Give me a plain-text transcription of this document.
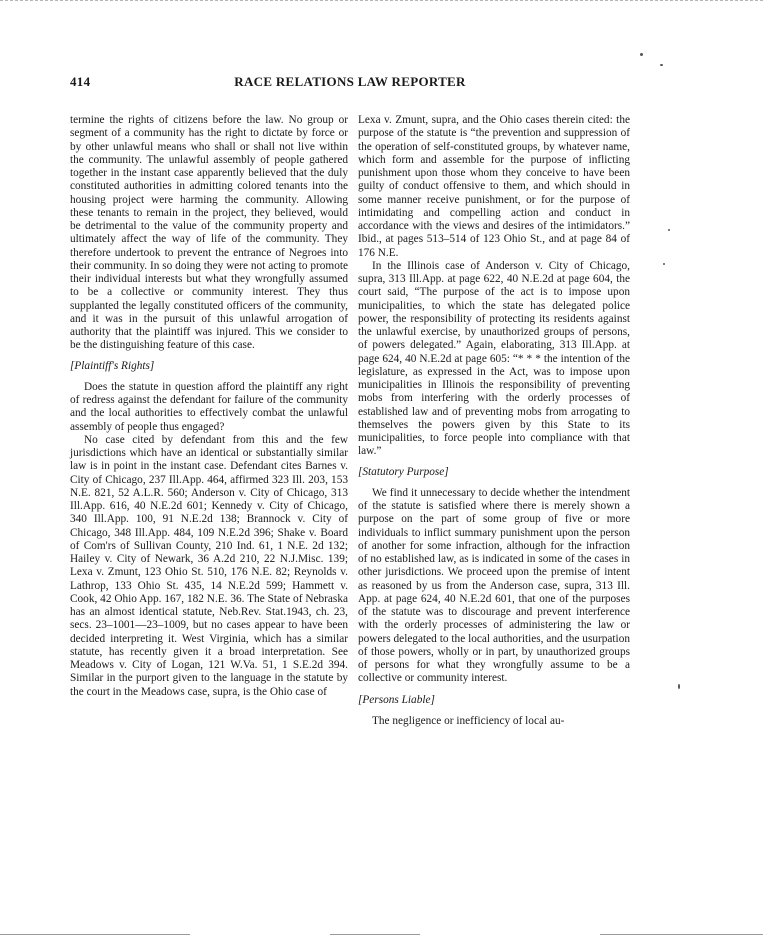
414	RACE RELATIONS LAW REPORTER

termine the rights of citizens before the law. No group or segment of a community has the right to dictate by force or by other unlawful means who shall or shall not live within the community. The unlawful assembly of people gathered together in the instant case apparently believed that the duly constituted authorities in admitting colored tenants into the housing project were harming the community. Allowing these tenants to remain in the project, they believed, would be detrimental to the value of the community property and ultimately affect the way of life of the community. They therefore undertook to prevent the entrance of Negroes into their community. In so doing they were not acting to promote their individual interests but what they wrongfully assumed to be a collective or community interest. They thus supplanted the legally constituted officers of the community, and it was in the pursuit of this unlawful arrogation of authority that the plaintiff was injured. This we consider to be the distinguishing feature of this case.

[Plaintiff's Rights]

Does the statute in question afford the plaintiff any right of redress against the defendant for failure of the community and the local authorities to effectively combat the unlawful assembly of people thus engaged?

No case cited by defendant from this and the few jurisdictions which have an identical or substantially similar law is in point in the instant case. Defendant cites Barnes v. City of Chicago, 237 Ill.App. 464, affirmed 323 Ill. 203, 153 N.E. 821, 52 A.L.R. 560; Anderson v. City of Chicago, 313 Ill.App. 616, 40 N.E.2d 601; Kennedy v. City of Chicago, 340 Ill.App. 100, 91 N.E.2d 138; Brannock v. City of Chicago, 348 Ill.App. 484, 109 N.E.2d 396; Shake v. Board of Com'rs of Sullivan County, 210 Ind. 61, 1 N.E. 2d 132; Hailey v. City of Newark, 36 A.2d 210, 22 N.J.Misc. 139; Lexa v. Zmunt, 123 Ohio St. 510, 176 N.E. 82; Reynolds v. Lathrop, 133 Ohio St. 435, 14 N.E.2d 599; Hammett v. Cook, 42 Ohio App. 167, 182 N.E. 36. The State of Nebraska has an almost identical statute, Neb.Rev. Stat.1943, ch. 23, secs. 23–1001—23–1009, but no cases appear to have been decided interpreting it. West Virginia, which has a similar statute, has recently given it a broad interpretation. See Meadows v. City of Logan, 121 W.Va. 51, 1 S.E.2d 394. Similar in the purport given to the language in the statute by the court in the Meadows case, supra, is the Ohio case of

Lexa v. Zmunt, supra, and the Ohio cases therein cited: the purpose of the statute is “the prevention and suppression of the operation of self-constituted groups, by whatever name, which form and assemble for the purpose of inflicting punishment upon those whom they conceive to have been guilty of conduct offensive to them, and which should in some manner receive punishment, or for the purpose of intimidating and compelling action and conduct in accordance with the views and desires of the intimidators.” Ibid., at pages 513–514 of 123 Ohio St., and at page 84 of 176 N.E.

In the Illinois case of Anderson v. City of Chicago, supra, 313 Ill.App. at page 622, 40 N.E.2d at page 604, the court said, “The purpose of the act is to impose upon municipalities, to which the state has delegated police power, the responsibility of protecting its residents against the unlawful exercise, by unauthorized groups of persons, of powers delegated.” Again, elaborating, 313 Ill.App. at page 624, 40 N.E.2d at page 605: “* * * the intention of the legislature, as expressed in the Act, was to impose upon municipalities in Illinois the responsibility of preventing mobs from interfering with the orderly processes of established law and of preventing mobs from arrogating to themselves the powers given by this State to its municipalities, to force people into compliance with that law.”

[Statutory Purpose]

We find it unnecessary to decide whether the intendment of the statute is satisfied where there is merely shown a purpose on the part of some group of five or more individuals to inflict summary punishment upon the person of another for some infraction, although for the infraction of no established law, as is indicated in some of the cases in other jurisdictions. We proceed upon the premise of intent as reasoned by us from the Anderson case, supra, 313 Ill. App. at page 624, 40 N.E.2d 601, that one of the purposes of the statute was to discourage and prevent interference with the orderly processes of administering the law or powers delegated to the local authorities, and the usurpation of those powers, wholly or in part, by unauthorized groups of persons for what they wrongfully assume to be a collective or community interest.

[Persons Liable]

The negligence or inefficiency of local au-
